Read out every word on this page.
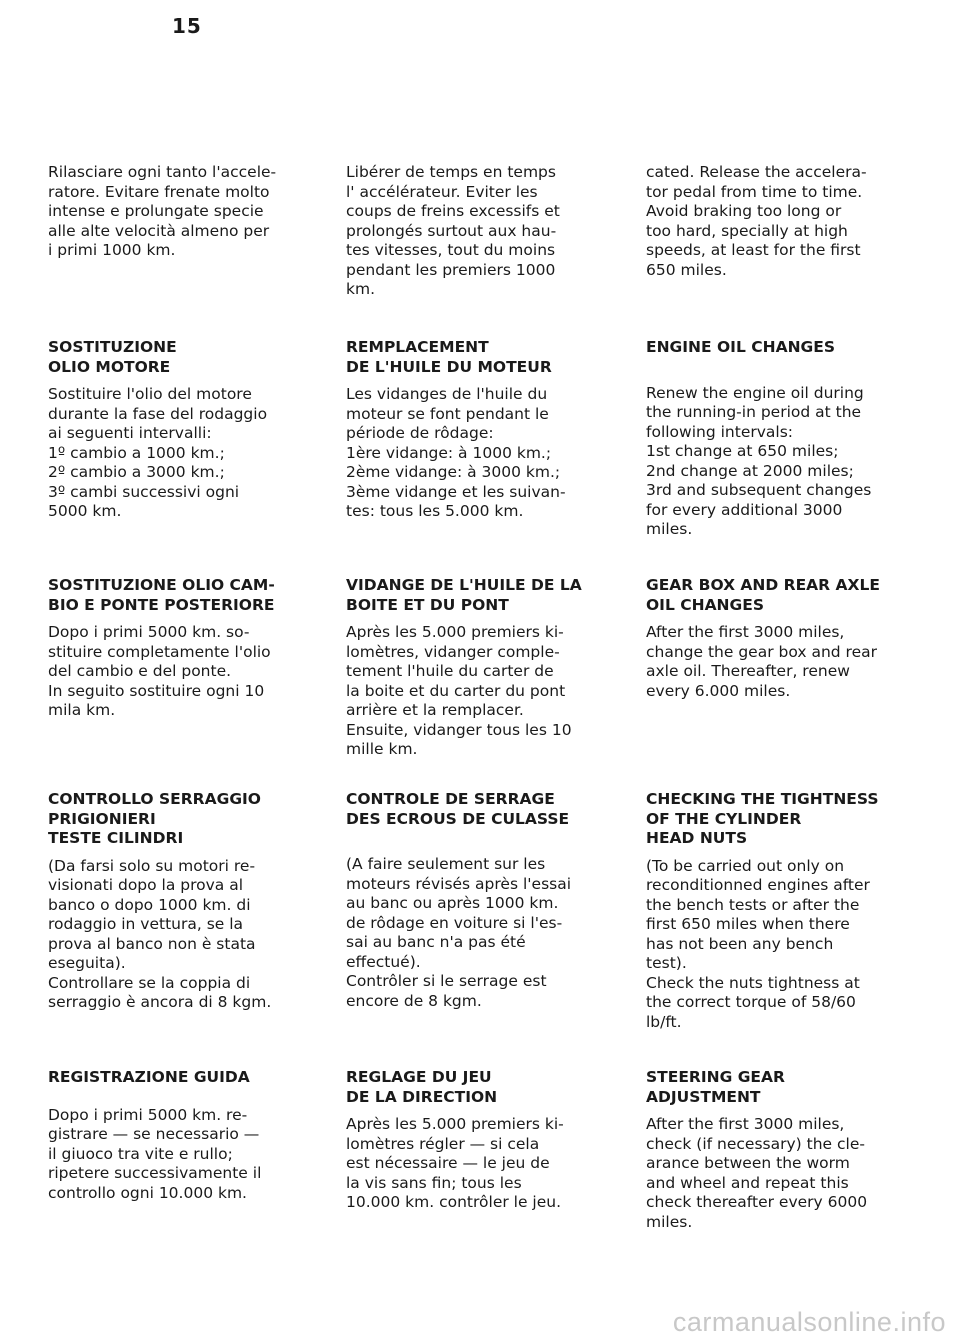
15

Rilasciare ogni tanto l'accele-
ratore. Evitare frenate molto
intense e prolungate specie
alle alte velocità almeno per
i primi 1000 km.

SOSTITUZIONE
OLIO MOTORE

Sostituire l'olio del motore
durante la fase del rodaggio
ai seguenti intervalli:
1º cambio a 1000 km.;
2º cambio a 3000 km.;
3º cambi successivi ogni
5000 km.

SOSTITUZIONE OLIO CAM-
BIO E PONTE POSTERIORE

Dopo i primi 5000 km. so-
stituire completamente l'olio
del cambio e del ponte.
In seguito sostituire ogni 10
mila km.

CONTROLLO SERRAGGIO
PRIGIONIERI
TESTE CILINDRI

(Da farsi solo su motori re-
visionati dopo la prova al
banco o dopo 1000 km. di
rodaggio in vettura, se la
prova al banco non è stata
eseguita).
Controllare se la coppia di
serraggio è ancora di 8 kgm.

REGISTRAZIONE GUIDA

Dopo i primi 5000 km. re-
gistrare — se necessario —
il giuoco tra vite e rullo;
ripetere successivamente il
controllo ogni 10.000 km.

Libérer de temps en temps
l' accélérateur. Eviter les
coups de freins excessifs et
prolongés surtout aux hau-
tes vitesses, tout du moins
pendant les premiers 1000
km.

REMPLACEMENT
DE L'HUILE DU MOTEUR

Les vidanges de l'huile du
moteur se font pendant le
période de rôdage:
1ère vidange: à 1000 km.;
2ème vidange: à 3000 km.;
3ème vidange et les suivan-
tes: tous les 5.000 km.

VIDANGE DE L'HUILE DE LA
BOITE ET DU PONT

Après les 5.000 premiers ki-
lomètres, vidanger comple-
tement l'huile du carter de
la boite et du carter du pont
arrière et la remplacer.
Ensuite, vidanger tous les 10
mille km.

CONTROLE DE SERRAGE
DES ECROUS DE CULASSE

(A faire seulement sur les
moteurs révisés après l'essai
au banc ou après 1000 km.
de rôdage en voiture si l'es-
sai au banc n'a pas été
effectué).
Contrôler si le serrage est
encore de 8 kgm.

REGLAGE DU JEU
DE LA DIRECTION

Après les 5.000 premiers ki-
lomètres régler — si cela
est nécessaire — le jeu de
la vis sans fin; tous les
10.000 km. contrôler le jeu.

cated. Release the accelera-
tor pedal from time to time.
Avoid braking too long or
too hard, specially at high
speeds, at least for the first
650 miles.

ENGINE OIL CHANGES

Renew the engine oil during
the running-in period at the
following intervals:
1st change at 650 miles;
2nd change at 2000 miles;
3rd and subsequent changes
for every additional 3000
miles.

GEAR BOX AND REAR AXLE
OIL CHANGES

After the first 3000 miles,
change the gear box and rear
axle oil. Thereafter, renew
every 6.000 miles.

CHECKING THE TIGHTNESS
OF THE CYLINDER
HEAD NUTS

(To be carried out only on
reconditionned engines after
the bench tests or after the
first 650 miles when there
has not been any bench
test).
Check the nuts tightness at
the correct torque of 58/60
lb/ft.

STEERING GEAR
ADJUSTMENT

After the first 3000 miles,
check (if necessary) the cle-
arance between the worm
and wheel and repeat this
check thereafter every 6000
miles.

carmanualsonline.info
